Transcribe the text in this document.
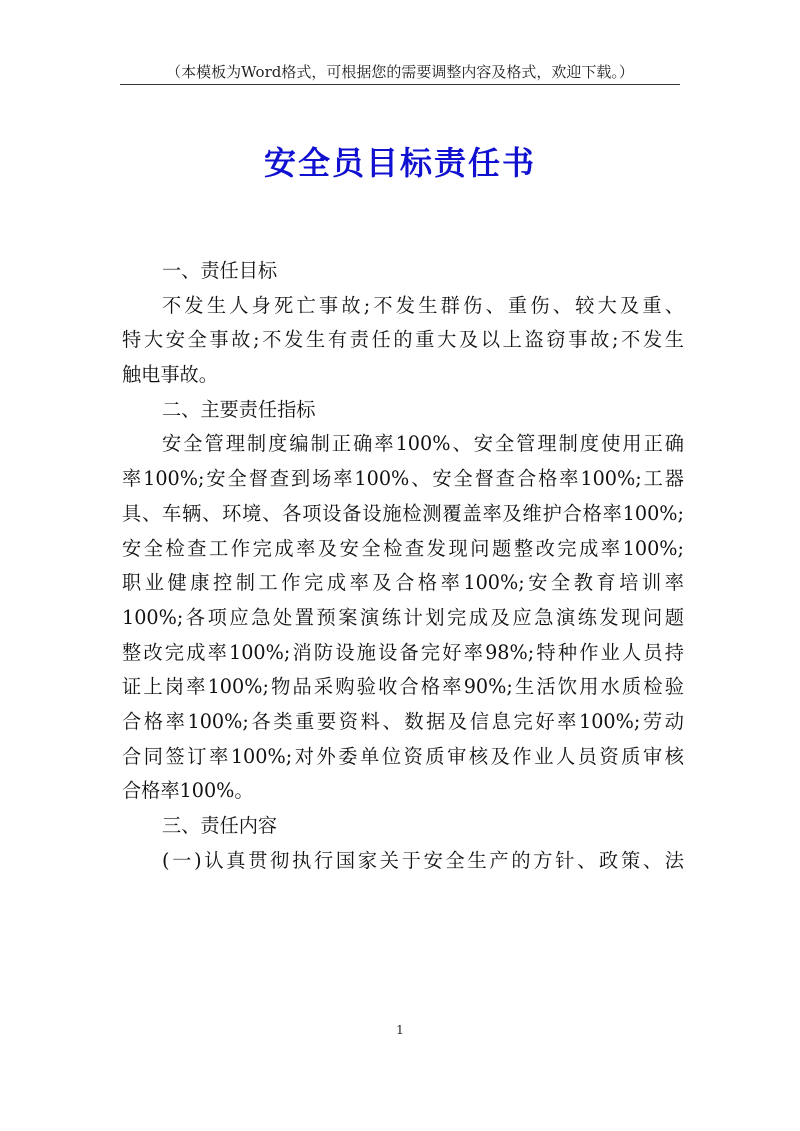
（本模板为Word格式，可根据您的需要调整内容及格式，欢迎下载。）
安全员目标责任书
一、责任目标
不发生人身死亡事故;不发生群伤、重伤、较大及重、
特大安全事故;不发生有责任的重大及以上盗窃事故;不发生
触电事故。
二、主要责任指标
安全管理制度编制正确率100%、安全管理制度使用正确
率100%;安全督查到场率100%、安全督查合格率100%;工器
具、车辆、环境、各项设备设施检测覆盖率及维护合格率100%;
安全检查工作完成率及安全检查发现问题整改完成率100%;
职业健康控制工作完成率及合格率100%;安全教育培训率
100%;各项应急处置预案演练计划完成及应急演练发现问题
整改完成率100%;消防设施设备完好率98%;特种作业人员持
证上岗率100%;物品采购验收合格率90%;生活饮用水质检验
合格率100%;各类重要资料、数据及信息完好率100%;劳动
合同签订率100%;对外委单位资质审核及作业人员资质审核
合格率100%。
三、责任内容
(一)认真贯彻执行国家关于安全生产的方针、政策、法
1
